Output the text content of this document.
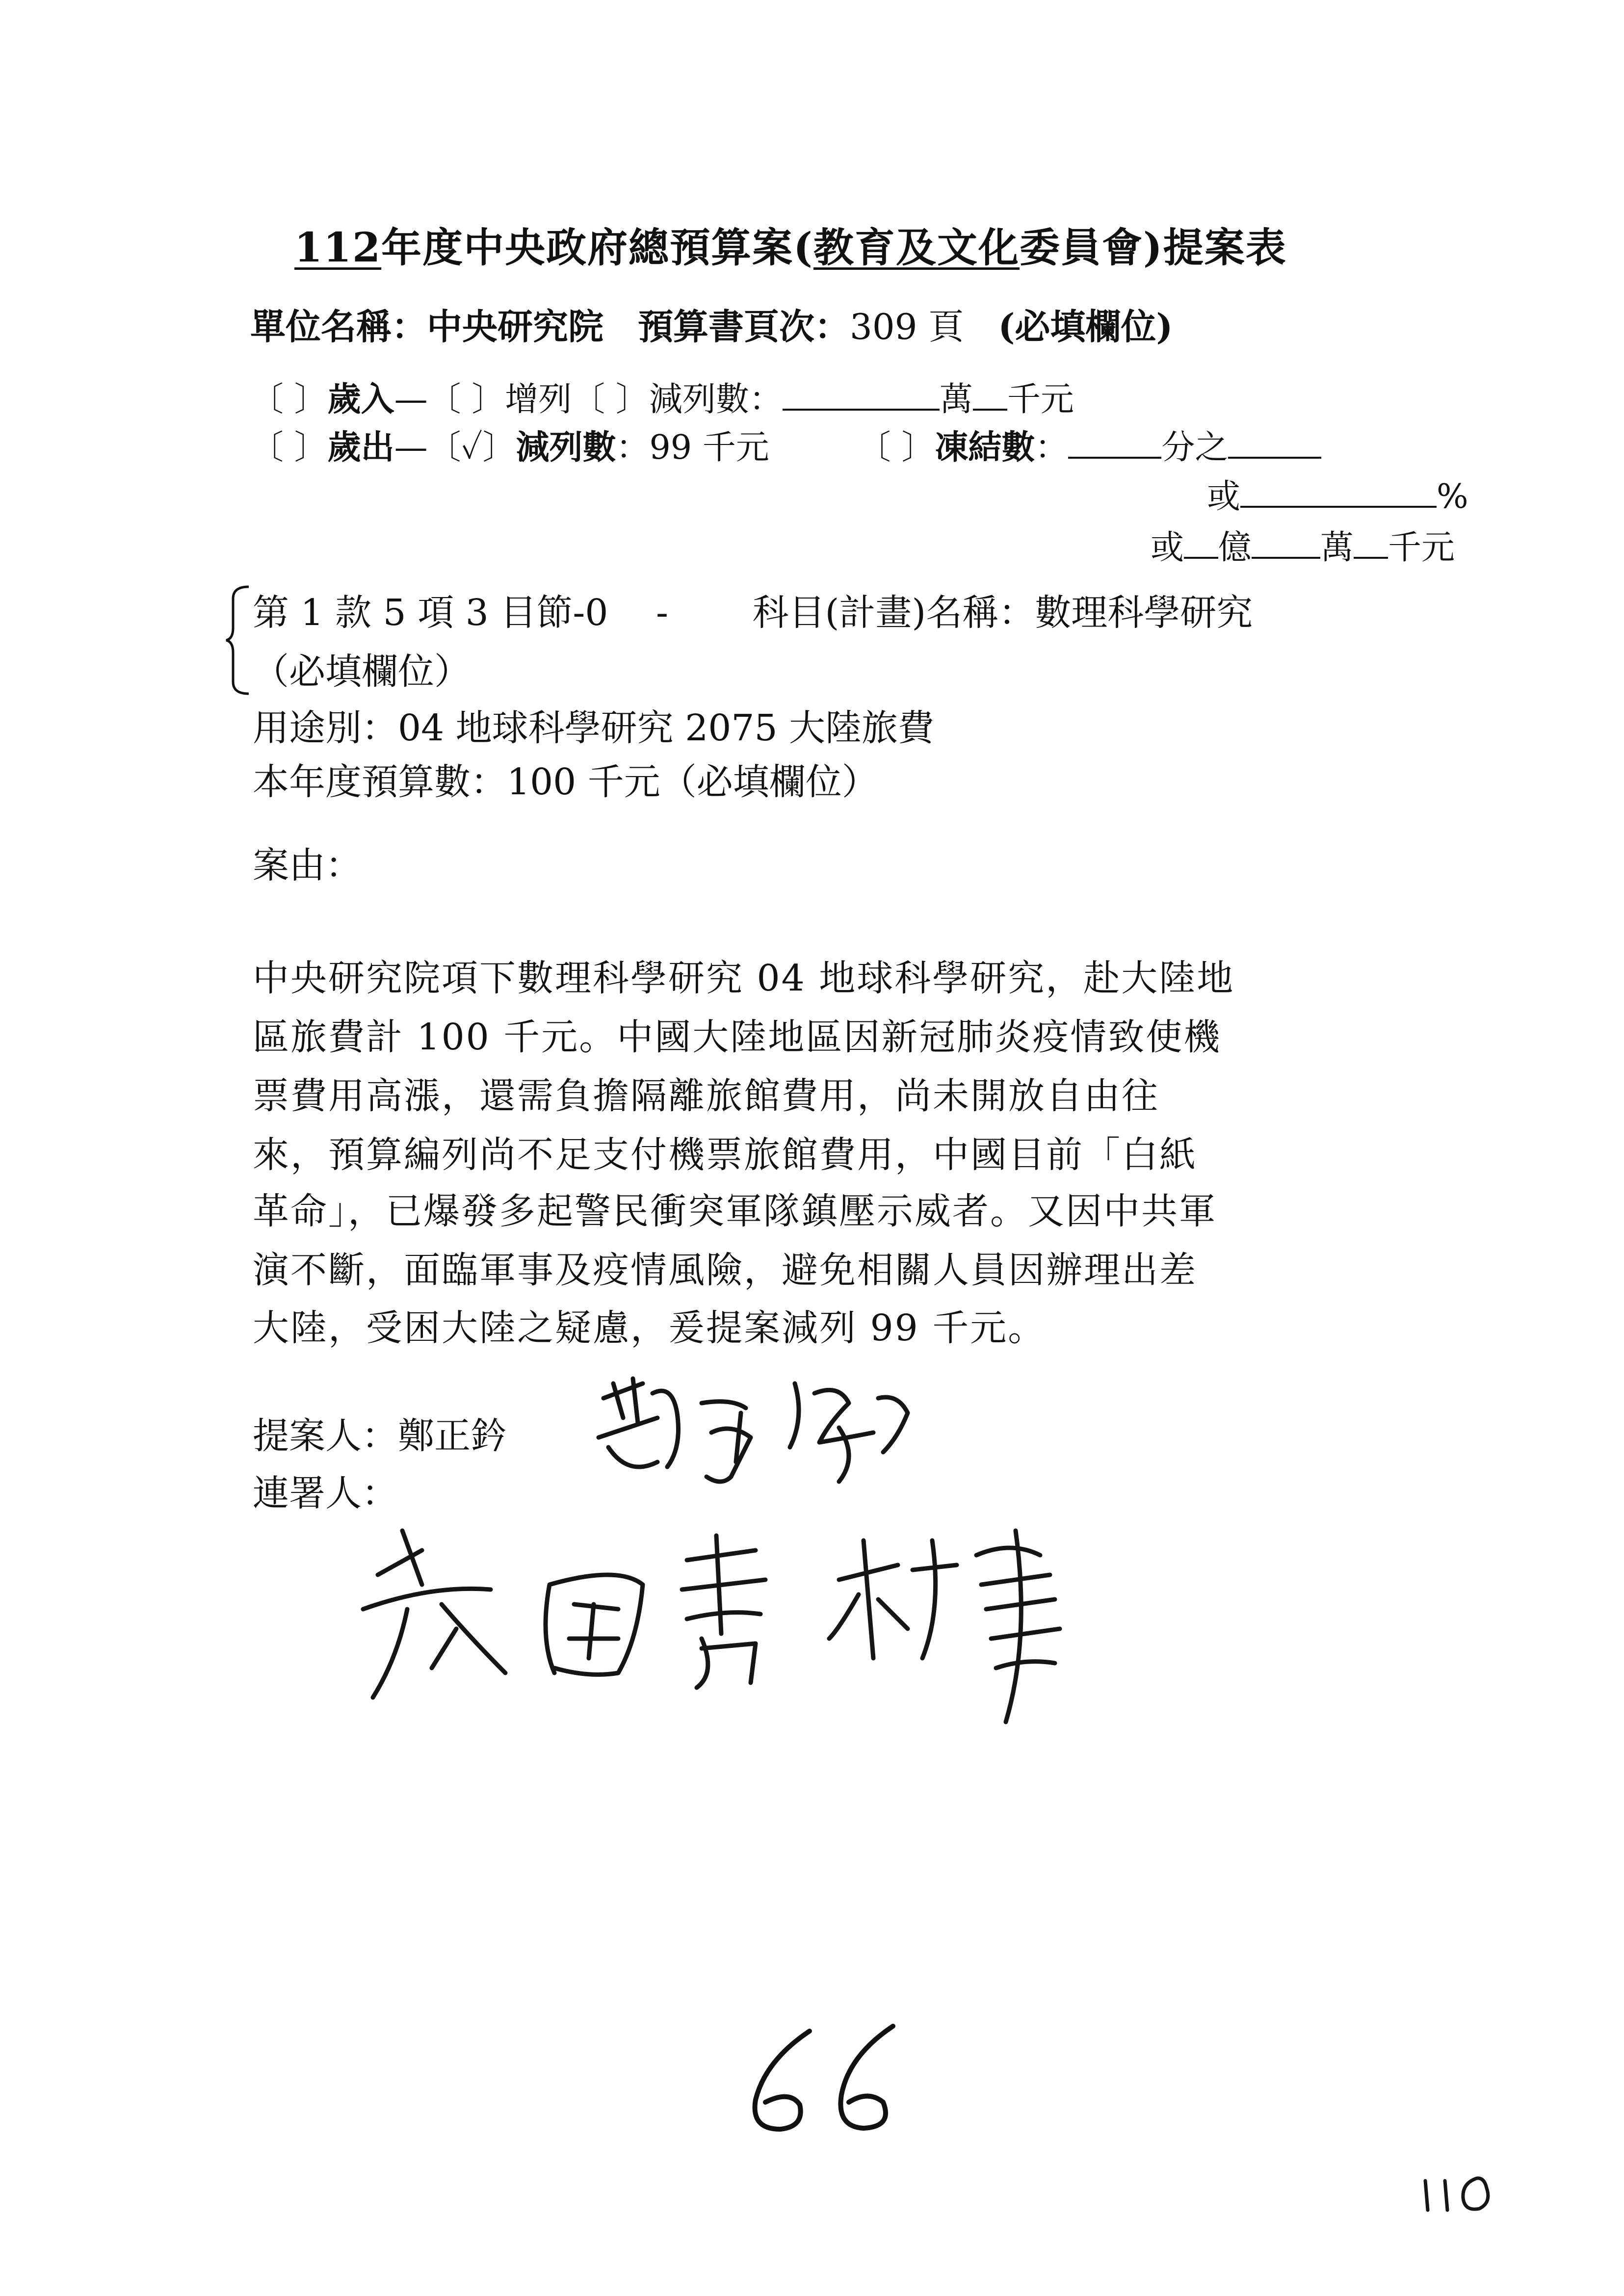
112年度中央政府總預算案(教育及文化委員會)提案表
單位名稱：中央研究院 預算書頁次：309 頁 (必填欄位)
〔 〕歲入—〔 〕增列〔 〕減列數：	萬 千元
〔 〕歲出—〔✓〕減列數：99 千元	〔 〕凍結數：	分之
或	%
或 億 萬 千元
第 1 款 5 項 3 目節-0　 -　　 科目(計畫)名稱：數理科學研究
（必填欄位）
用途別：04 地球科學研究 2075 大陸旅費
本年度預算數：100 千元（必填欄位）
案由：
中央研究院項下數理科學研究 04 地球科學研究，赴大陸地
區旅費計 100 千元。中國大陸地區因新冠肺炎疫情致使機
票費用高漲，還需負擔隔離旅館費用，尚未開放自由往
來，預算編列尚不足支付機票旅館費用，中國目前「白紙
革命」，已爆發多起警民衝突軍隊鎮壓示威者。又因中共軍
演不斷，面臨軍事及疫情風險，避免相關人員因辦理出差
大陸，受困大陸之疑慮，爰提案減列 99 千元。
提案人：鄭正鈐
連署人：
